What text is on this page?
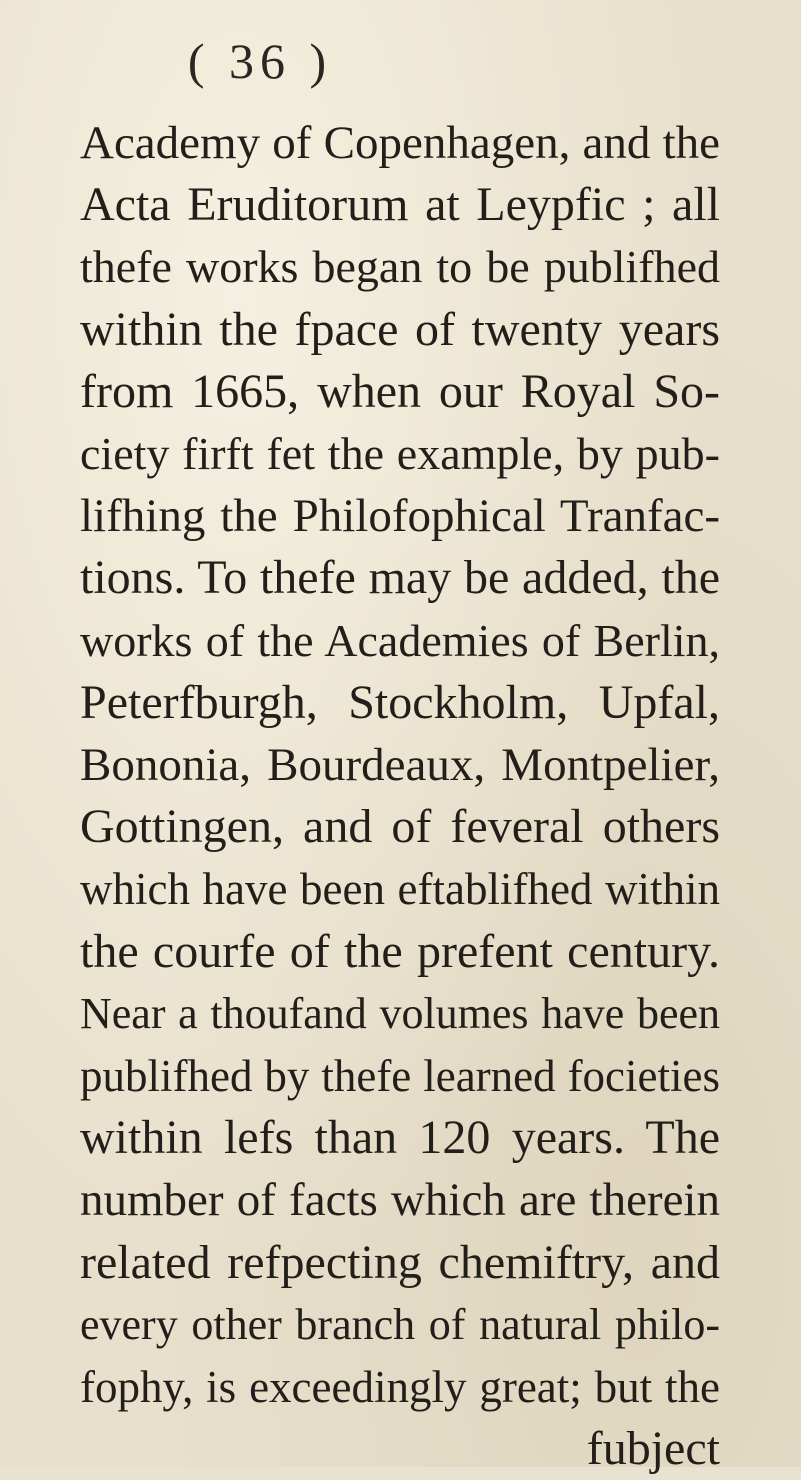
( 36 )
Academy of Copenhagen, and the
Acta Eruditorum at Leypfic ; all
thefe works began to be publifhed
within the fpace of twenty years
from 1665, when our Royal So-
ciety firft fet the example, by pub-
lifhing the Philofophical Tranfac-
tions. To thefe may be added, the
works of the Academies of Berlin,
Peterfburgh, Stockholm, Upfal,
Bononia, Bourdeaux, Montpelier,
Gottingen, and of feveral others
which have been eftablifhed within
the courfe of the prefent century.
Near a thoufand volumes have been
publifhed by thefe learned focieties
within lefs than 120 years. The
number of facts which are therein
related refpecting chemiftry, and
every other branch of natural philo-
fophy, is exceedingly great; but the
fubject
